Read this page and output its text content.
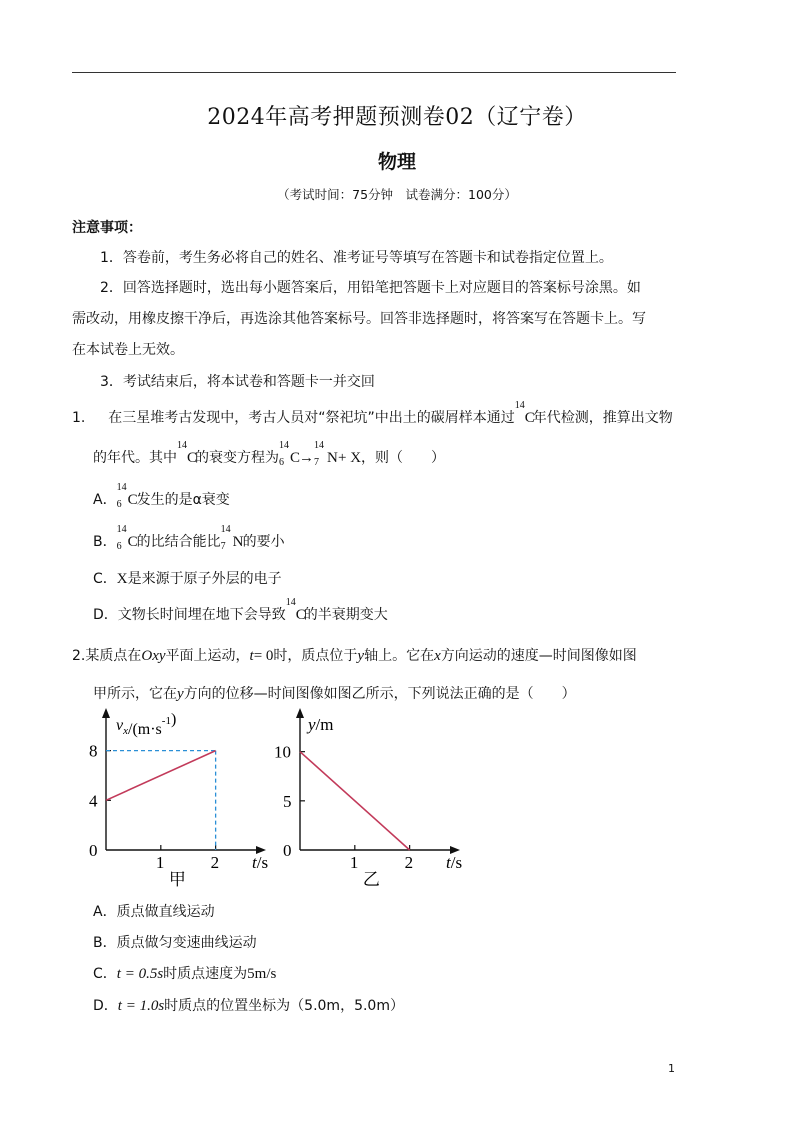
2024年高考押题预测卷02（辽宁卷）
物理
（考试时间：75分钟　试卷满分：100分）
注意事项：
1．答卷前，考生务必将自己的姓名、准考证号等填写在答题卡和试卷指定位置上。
2．回答选择题时，选出每小题答案后，用铅笔把答题卡上对应题目的答案标号涂黑。如
需改动，用橡皮擦干净后，再选涂其他答案标号。回答非选择题时，将答案写在答题卡上。写
在本试卷上无效。
3．考试结束后，将本试卷和答题卡一并交回
1. 在三星堆考古发现中，考古人员对“祭祀坑”中出土的碳屑样本通过
14
C年代检测，推算出文物
的年代。其中
14
C的衰变方程为
14
6 C→
14
7 N+ X，则（　　）
A．
14
6 C发生的是α衰变
B．
14
6 C的比结合能比
14
7 N的要小
C．X是来源于原子外层的电子
D．文物长时间埋在地下会导致
14
C的半衰期变大
2.某质点在Oxy平面上运动，t= 0时，质点位于y轴上。它在x方向运动的速度—时间图像如图
甲所示，它在y方向的位移—时间图像如图乙所示，下列说法正确的是（　　）
0
1	2
4
8
t/s
$v_x/(m\cdot s^{-1})$
甲
0
1	2
5
10
t/s
y/m
乙
A．质点做直线运动
B．质点做匀变速曲线运动
C．t = 0.5s时质点速度为5m/s
D．t = 1.0s时质点的位置坐标为（5.0m，5.0m）
1
